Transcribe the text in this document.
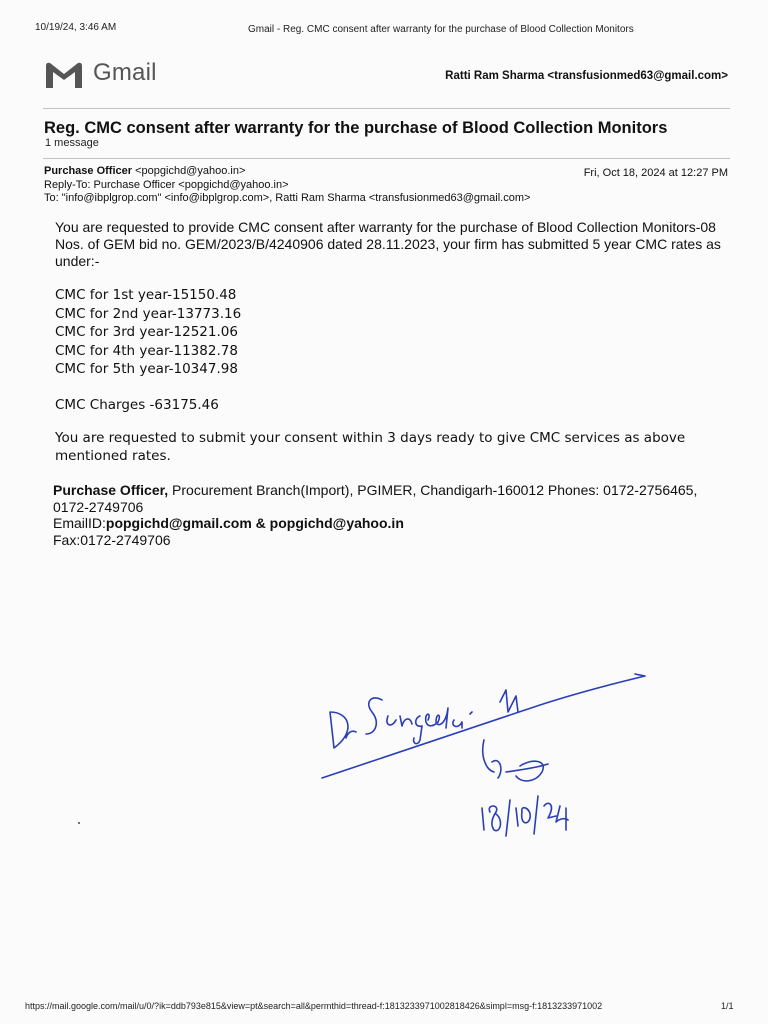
10/19/24, 3:46 AM	Gmail - Reg. CMC consent after warranty for the purchase of Blood Collection Monitors
Gmail	Ratti Ram Sharma <transfusionmed63@gmail.com>
Reg. CMC consent after warranty for the purchase of Blood Collection Monitors
1 message
Purchase Officer <popgichd@yahoo.in>	Fri, Oct 18, 2024 at 12:27 PM
Reply-To: Purchase Officer <popgichd@yahoo.in>
To: "info@ibplgrop.com" <info@ibplgrop.com>, Ratti Ram Sharma <transfusionmed63@gmail.com>
You are requested to provide CMC consent after warranty for the purchase of Blood Collection Monitors-08 Nos. of GEM bid no. GEM/2023/B/4240906 dated 28.11.2023, your firm has submitted 5 year CMC rates as under:-
CMC for 1st year-15150.48
CMC for 2nd year-13773.16
CMC for 3rd year-12521.06
CMC for 4th year-11382.78
CMC for 5th year-10347.98
CMC Charges -63175.46
You are requested to submit your consent within 3 days ready to give CMC services as above mentioned rates.
Purchase Officer, Procurement Branch(Import), PGIMER, Chandigarh-160012 Phones: 0172-2756465, 0172-2749706
EmailID:popgichd@gmail.com & popgichd@yahoo.in
Fax:0172-2749706
https://mail.google.com/mail/u/0/?ik=ddb793e815&view=pt&search=all&permthid=thread-f:1813233971002818426&simpl=msg-f:1813233971002	1/1
